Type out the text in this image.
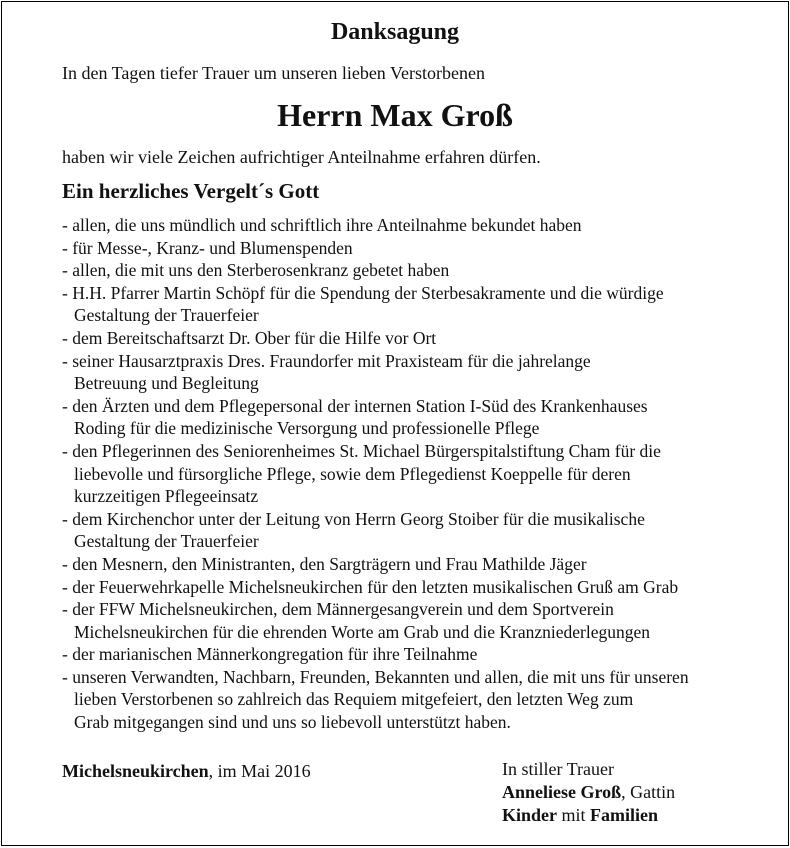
Danksagung
In den Tagen tiefer Trauer um unseren lieben Verstorbenen
Herrn Max Groß
haben wir viele Zeichen aufrichtiger Anteilnahme erfahren dürfen.
Ein herzliches Vergelt´s Gott
- allen, die uns mündlich und schriftlich ihre Anteilnahme bekundet haben
- für Messe-, Kranz- und Blumenspenden
- allen, die mit uns den Sterberosenkranz gebetet haben
- H.H. Pfarrer Martin Schöpf für die Spendung der Sterbesakramente und die würdige
Gestaltung der Trauerfeier
- dem Bereitschaftsarzt Dr. Ober für die Hilfe vor Ort
- seiner Hausarztpraxis Dres. Fraundorfer mit Praxisteam für die jahrelange
Betreuung und Begleitung
- den Ärzten und dem Pflegepersonal der internen Station I-Süd des Krankenhauses
Roding für die medizinische Versorgung und professionelle Pflege
- den Pflegerinnen des Seniorenheimes St. Michael Bürgerspitalstiftung Cham für die
liebevolle und fürsorgliche Pflege, sowie dem Pflegedienst Koeppelle für deren
kurzzeitigen Pflegeeinsatz
- dem Kirchenchor unter der Leitung von Herrn Georg Stoiber für die musikalische
Gestaltung der Trauerfeier
- den Mesnern, den Ministranten, den Sargträgern und Frau Mathilde Jäger
- der Feuerwehrkapelle Michelsneukirchen für den letzten musikalischen Gruß am Grab
- der FFW Michelsneukirchen, dem Männergesangverein und dem Sportverein
Michelsneukirchen für die ehrenden Worte am Grab und die Kranzniederlegungen
- der marianischen Männerkongregation für ihre Teilnahme
- unseren Verwandten, Nachbarn, Freunden, Bekannten und allen, die mit uns für unseren
lieben Verstorbenen so zahlreich das Requiem mitgefeiert, den letzten Weg zum
Grab mitgegangen sind und uns so liebevoll unterstützt haben.
Michelsneukirchen, im Mai 2016	In stiller Trauer
Anneliese Groß, Gattin
Kinder mit Familien
